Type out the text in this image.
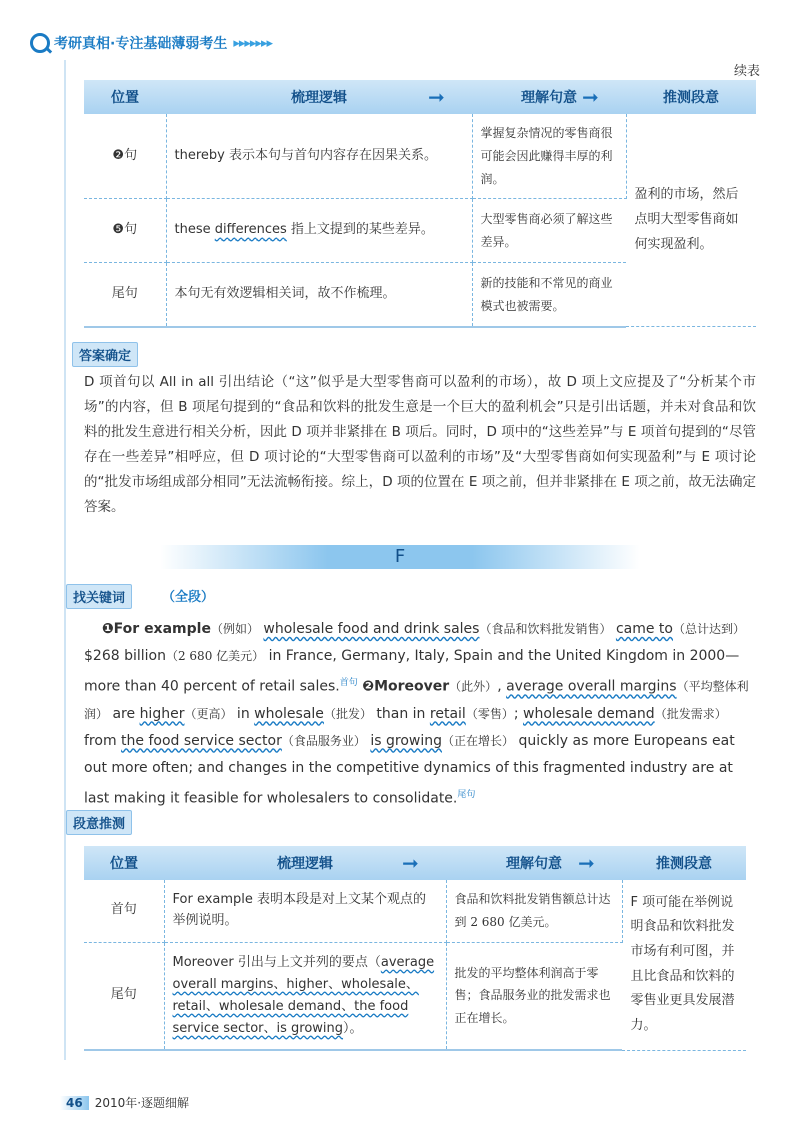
考研真相·专注基础薄弱考生 ▸▸▸▸▸▸▸
续表
位置	梳理逻辑	➞ 理解句意	➞ 推测段意
❷句	thereby 表示本句与首句内容存在因果关系。	掌握复杂情况的零售商很可能会因此赚得丰厚的利润。	盈利的市场，然后点明大型零售商如何实现盈利。
❺句	these differences 指上文提到的某些差异。	大型零售商必须了解这些差异。	
尾句	本句无有效逻辑相关词，故不作梳理。	新的技能和不常见的商业模式也被需要。	
答案确定
D 项首句以 All in all 引出结论（“这”似乎是大型零售商可以盈利的市场），故 D 项上文应提及了“分析某个市场”的内容，但 B 项尾句提到的“食品和饮料的批发生意是一个巨大的盈利机会”只是引出话题，并未对食品和饮料的批发生意进行相关分析，因此 D 项并非紧排在 B 项后。同时，D 项中的“这些差异”与 E 项首句提到的“尽管存在一些差异”相呼应，但 D 项讨论的“大型零售商可以盈利的市场”及“大型零售商如何实现盈利”与 E 项讨论的“批发市场组成部分相同”无法流畅衔接。综上，D 项的位置在 E 项之前，但并非紧排在 E 项之前，故无法确定答案。
F
找关键词	（全段）
❶For example（例如） wholesale food and drink sales（食品和饮料批发销售） came to（总计达到） $268 billion（2 680 亿美元） in France, Germany, Italy, Spain and the United Kingdom in 2000—more than 40 percent of retail sales.$^{首句}$ ❷Moreover（此外）, average overall margins（平均整体利润） are higher（更高） in wholesale（批发） than in retail（零售）; wholesale demand（批发需求） from the food service sector（食品服务业） is growing（正在增长） quickly as more Europeans eat out more often; and changes in the competitive dynamics of this fragmented industry are at last making it feasible for wholesalers to consolidate.$^{尾句}$
段意推测
位置	梳理逻辑	➞ 理解句意	➞ 推测段意
首句	For example 表明本段是对上文某个观点的举例说明。	食品和饮料批发销售额总计达到 2 680 亿美元。	F 项可能在举例说明食品和饮料批发市场有利可图，并且比食品和饮料的零售业更具发展潜力。
尾句	Moreover 引出与上文并列的要点（average overall margins、higher、wholesale、retail、wholesale demand、the food service sector、is growing）。	批发的平均整体利润高于零售；食品服务业的批发需求也正在增长。	
46	2010年·逐题细解
